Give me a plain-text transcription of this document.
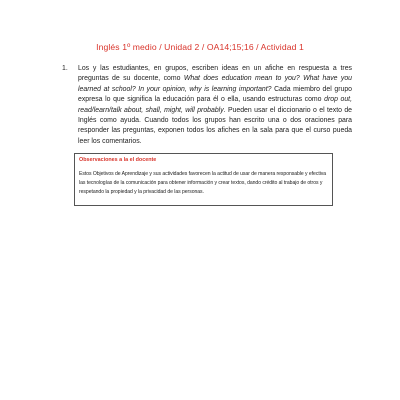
Inglés 1º medio / Unidad 2 / OA14;15;16 / Actividad 1
1. Los y las estudiantes, en grupos, escriben ideas en un afiche en respuesta a tres preguntas de su docente, como What does education mean to you? What have you learned at school? In your opinion, why is learning important? Cada miembro del grupo expresa lo que significa la educación para él o ella, usando estructuras como drop out, read/learn/talk about, shall, might, will probably. Pueden usar el diccionario o el texto de Inglés como ayuda. Cuando todos los grupos han escrito una o dos oraciones para responder las preguntas, exponen todos los afiches en la sala para que el curso pueda leer los comentarios.
Observaciones a la el docente
Estos Objetivos de Aprendizaje y sus actividades favorecen la actitud de usar de manera responsable y efectiva las tecnologías de la comunicación para obtener información y crear textos, dando crédito al trabajo de otros y respetando la propiedad y la privacidad de las personas.
